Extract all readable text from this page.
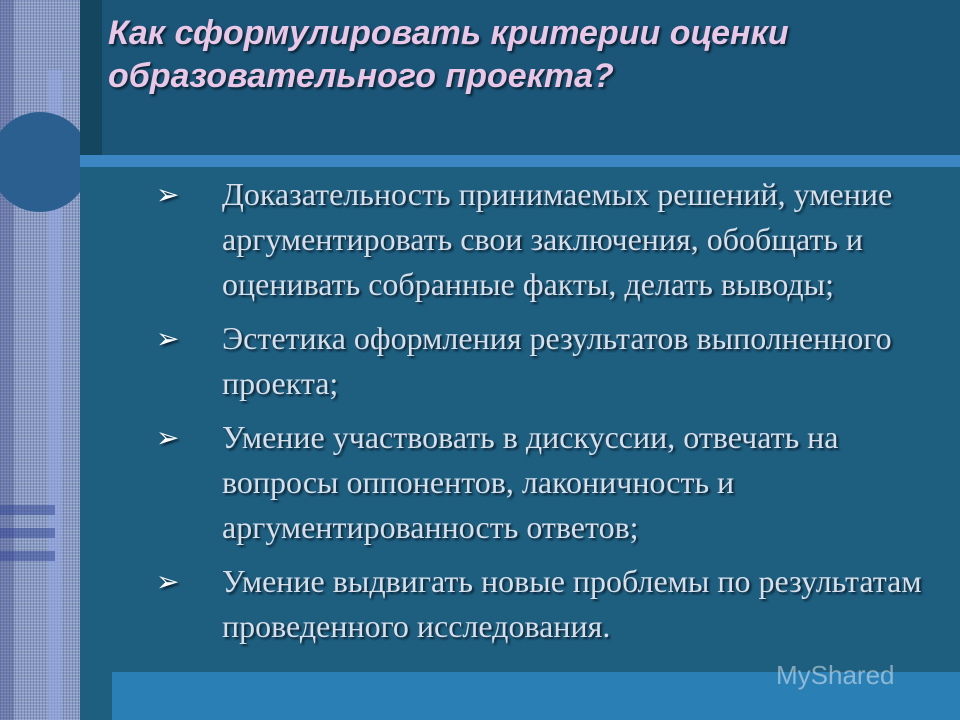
Как сформулировать критерии оценки образовательного проекта?
➢ Доказательность принимаемых решений, умение аргументировать свои заключения, обобщать и оценивать собранные факты, делать выводы;
➢ Эстетика оформления результатов выполненного проекта;
➢ Умение участвовать в дискуссии, отвечать на вопросы оппонентов, лаконичность и аргументированность ответов;
➢ Умение выдвигать новые проблемы по результатам проведенного исследования.
MyShared
